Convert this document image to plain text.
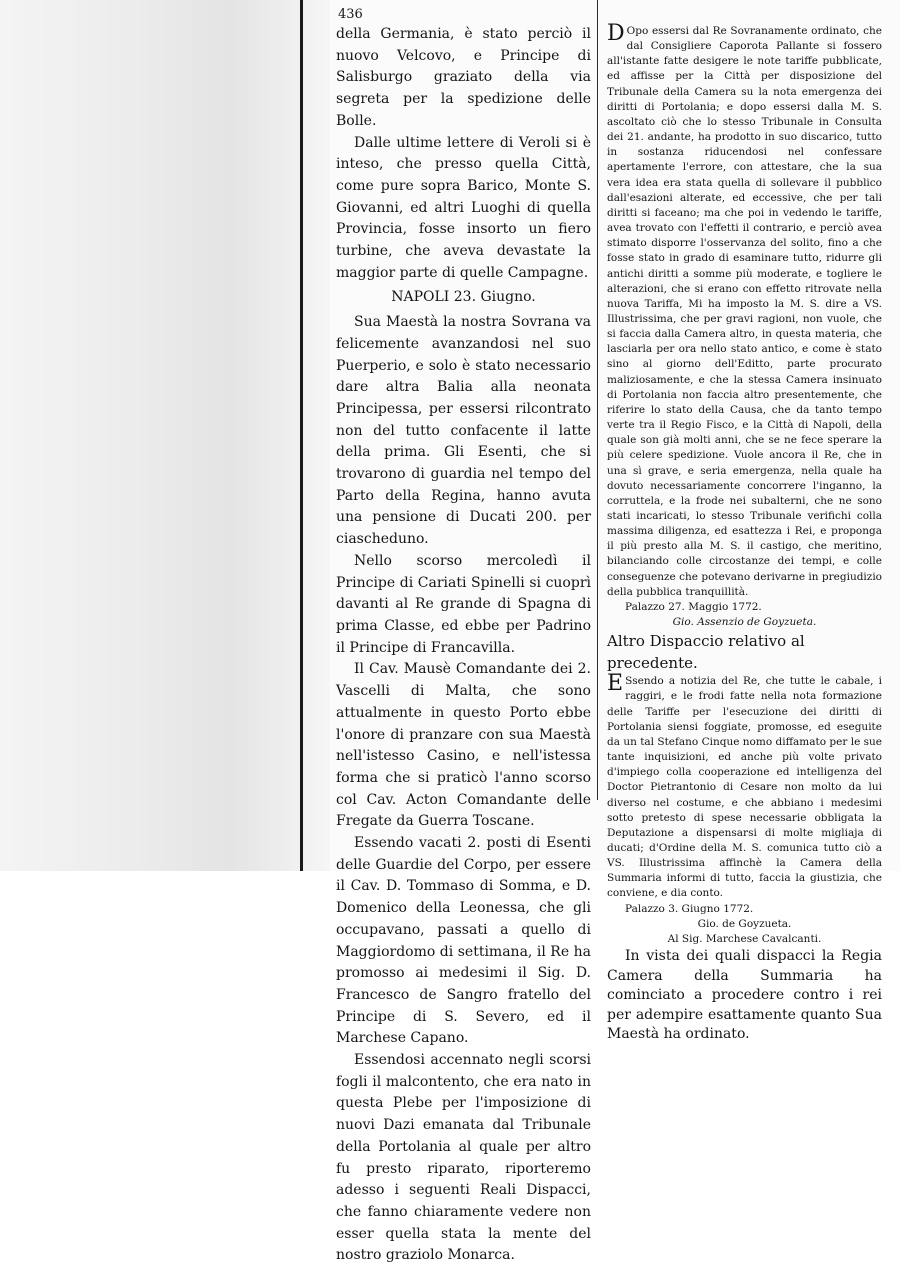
436

della Germania, è stato perciò il nuovo Velcovo, e Principe di Salisburgo graziato della via segreta per la spedizione delle Bolle.

Dalle ultime lettere di Veroli si è inteso, che presso quella Città, come pure sopra Barico, Monte S. Giovanni, ed altri Luoghi di quella Provincia, fosse insorto un fiero turbine, che aveva devastate la maggior parte di quelle Campagne.

NAPOLI 23. Giugno.

Sua Maestà la nostra Sovrana va felicemente avanzandosi nel suo Puerperio, e solo è stato necessario dare altra Balia alla neonata Principessa, per essersi rilcontrato non del tutto confacente il latte della prima. Gli Esenti, che si trovarono di guardia nel tempo del Parto della Regina, hanno avuta una pensione di Ducati 200. per ciascheduno.

Nello scorso mercoledì il Principe di Cariati Spinelli si cuoprì davanti al Re grande di Spagna di prima Classe, ed ebbe per Padrino il Principe di Francavilla.

Il Cav. Mausè Comandante dei 2. Vascelli di Malta, che sono attualmente in questo Porto ebbe l'onore di pranzare con sua Maestà nell'istesso Casino, e nell'istessa forma che si praticò l'anno scorso col Cav. Acton Comandante delle Fregate da Guerra Toscane.

Essendo vacati 2. posti di Esenti delle Guardie del Corpo, per essere il Cav. D. Tommaso di Somma, e D. Domenico della Leonessa, che gli occupavano, passati a quello di Maggiordomo di settimana, il Re ha promosso ai medesimi il Sig. D. Francesco de Sangro fratello del Principe di S. Severo, ed il Marchese Capano.

Essendosi accennato negli scorsi fogli il malcontento, che era nato in questa Plebe per l'imposizione di nuovi Dazi emanata dal Tribunale della Portolania al quale per altro fu presto riparato, riporteremo adesso i seguenti Reali Dispacci, che fanno chiaramente vedere non esser quella stata la mente del nostro graziolo Monarca.

D Opo essersi dal Re Sovranamente ordinato, che dal Consigliere Caporota Pallante si fossero all'istante fatte desigere le note tariffe pubblicate, ed affisse per la Città per disposizione del Tribunale della Camera su la nota emergenza dei diritti di Portolania; e dopo essersi dalla M. S. ascoltato ciò che lo stesso Tribunale in Consulta dei 21. andante, ha prodotto in suo discarico, tutto in sostanza riducendosi nel confessare apertamente l'errore, con attestare, che la sua vera idea era stata quella di sollevare il pubblico dall'esazioni alterate, ed eccessive, che per tali diritti si faceano; ma che poi in vedendo le tariffe, avea trovato con l'effetti il contrario, e perciò avea stimato disporre l'osservanza del solito, fino a che fosse stato in grado di esaminare tutto, ridurre gli antichi diritti a somme più moderate, e togliere le alterazioni, che si erano con effetto ritrovate nella nuova Tariffa, Mi ha imposto la M. S. dire a VS. Illustrissima, che per gravi ragioni, non vuole, che si faccia dalla Camera altro, in questa materia, che lasciarla per ora nello stato antico, e come è stato sino al giorno dell'Editto, parte procurato maliziosamente, e che la stessa Camera insinuato di Portolania non faccia altro presentemente, che riferire lo stato della Causa, che da tanto tempo verte tra il Regio Fisco, e la Città di Napoli, della quale son già molti anni, che se ne fece sperare la più celere spedizione. Vuole ancora il Re, che in una sì grave, e seria emergenza, nella quale ha dovuto necessariamente concorrere l'inganno, la corruttela, e la frode nei subalterni, che ne sono stati incaricati, lo stesso Tribunale verifichi colla massima diligenza, ed esattezza i Rei, e proponga il più presto alla M. S. il castigo, che meritino, bilanciando colle circostanze dei tempi, e colle conseguenze che potevano derivarne in pregiudizio della pubblica tranquillità.

Palazzo 27. Maggio 1772.

Gio. Assenzio de Goyzueta.

Altro Dispaccio relativo al precedente.

E Ssendo a notizia del Re, che tutte le cabale, i raggiri, e le frodi fatte nella nota formazione delle Tariffe per l'esecuzione dei diritti di Portolania siensi foggiate, promosse, ed eseguite da un tal Stefano Cinque nomo diffamato per le sue tante inquisizioni, ed anche più volte privato d'impiego colla cooperazione ed intelligenza del Doctor Pietrantonio di Cesare non molto da lui diverso nel costume, e che abbiano i medesimi sotto pretesto di spese necessarie obbligata la Deputazione a dispensarsi di molte migliaja di ducati; d'Ordine della M. S. comunica tutto ciò a VS. Illustrissima affinchè la Camera della Summaria informi di tutto, faccia la giustizia, che conviene, e dia conto.

Palazzo 3. Giugno 1772.

Gio. de Goyzueta.

Al Sig. Marchese Cavalcanti.

In vista dei quali dispacci la Regia Camera della Summaria ha cominciato a procedere contro i rei per adempire esattamente quanto Sua Maestà ha ordinato.
